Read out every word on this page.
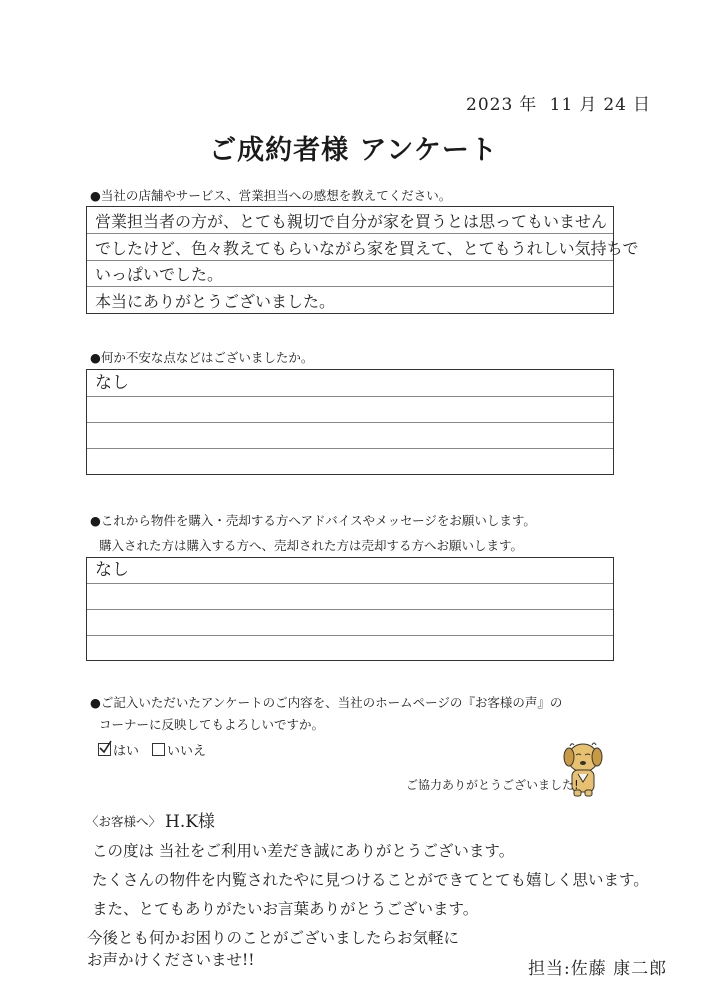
2023 年 11 月 24 日
ご成約者様 アンケート
●当社の店舗やサービス、営業担当への感想を教えてください。
営業担当者の方が、とても親切で自分が家を買うとは思ってもいません
でしたけど、色々教えてもらいながら家を買えて、とてもうれしい気持ちで
いっぱいでした。
本当にありがとうございました。
●何か不安な点などはございましたか。
なし
●これから物件を購入・売却する方へアドバイスやメッセージをお願いします。
購入された方は購入する方へ、売却された方は売却する方へお願いします。
なし
●ご記入いただいたアンケートのご内容を、当社のホームページの『お客様の声』の
コーナーに反映してもよろしいですか。
はい いいえ
ご協力ありがとうございました!
〈お客様へ〉 H.K様
この度は 当社をご利用い差だき誠にありがとうございます。
たくさんの物件を内覧されたやに見つけることができてとても嬉しく思います。
また、とてもありがたいお言葉ありがとうございます。
今後とも何かお困りのことがございましたらお気軽に
お声かけくださいませ!!	担当:佐藤 康二郎
